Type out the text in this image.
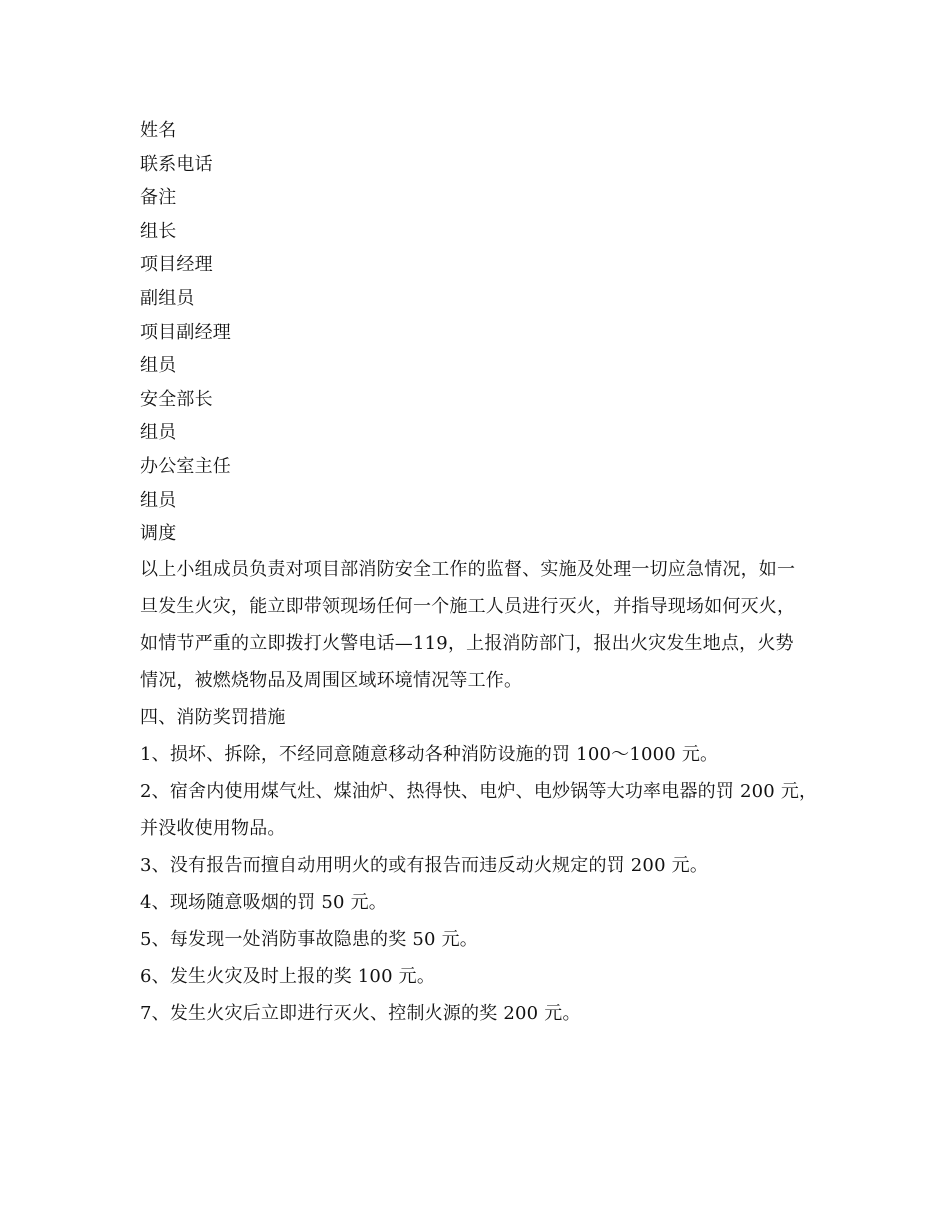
姓名
联系电话
备注
组长
项目经理
副组员
项目副经理
组员
安全部长
组员
办公室主任
组员
调度
以上小组成员负责对项目部消防安全工作的监督、实施及处理一切应急情况，如一
旦发生火灾，能立即带领现场任何一个施工人员进行灭火，并指导现场如何灭火，
如情节严重的立即拨打火警电话—119，上报消防部门，报出火灾发生地点，火势
情况，被燃烧物品及周围区域环境情况等工作。
四、消防奖罚措施
1、损坏、拆除，不经同意随意移动各种消防设施的罚 100～1000 元。
2、宿舍内使用煤气灶、煤油炉、热得快、电炉、电炒锅等大功率电器的罚 200 元，
并没收使用物品。
3、没有报告而擅自动用明火的或有报告而违反动火规定的罚 200 元。
4、现场随意吸烟的罚 50 元。
5、每发现一处消防事故隐患的奖 50 元。
6、发生火灾及时上报的奖 100 元。
7、发生火灾后立即进行灭火、控制火源的奖 200 元。
